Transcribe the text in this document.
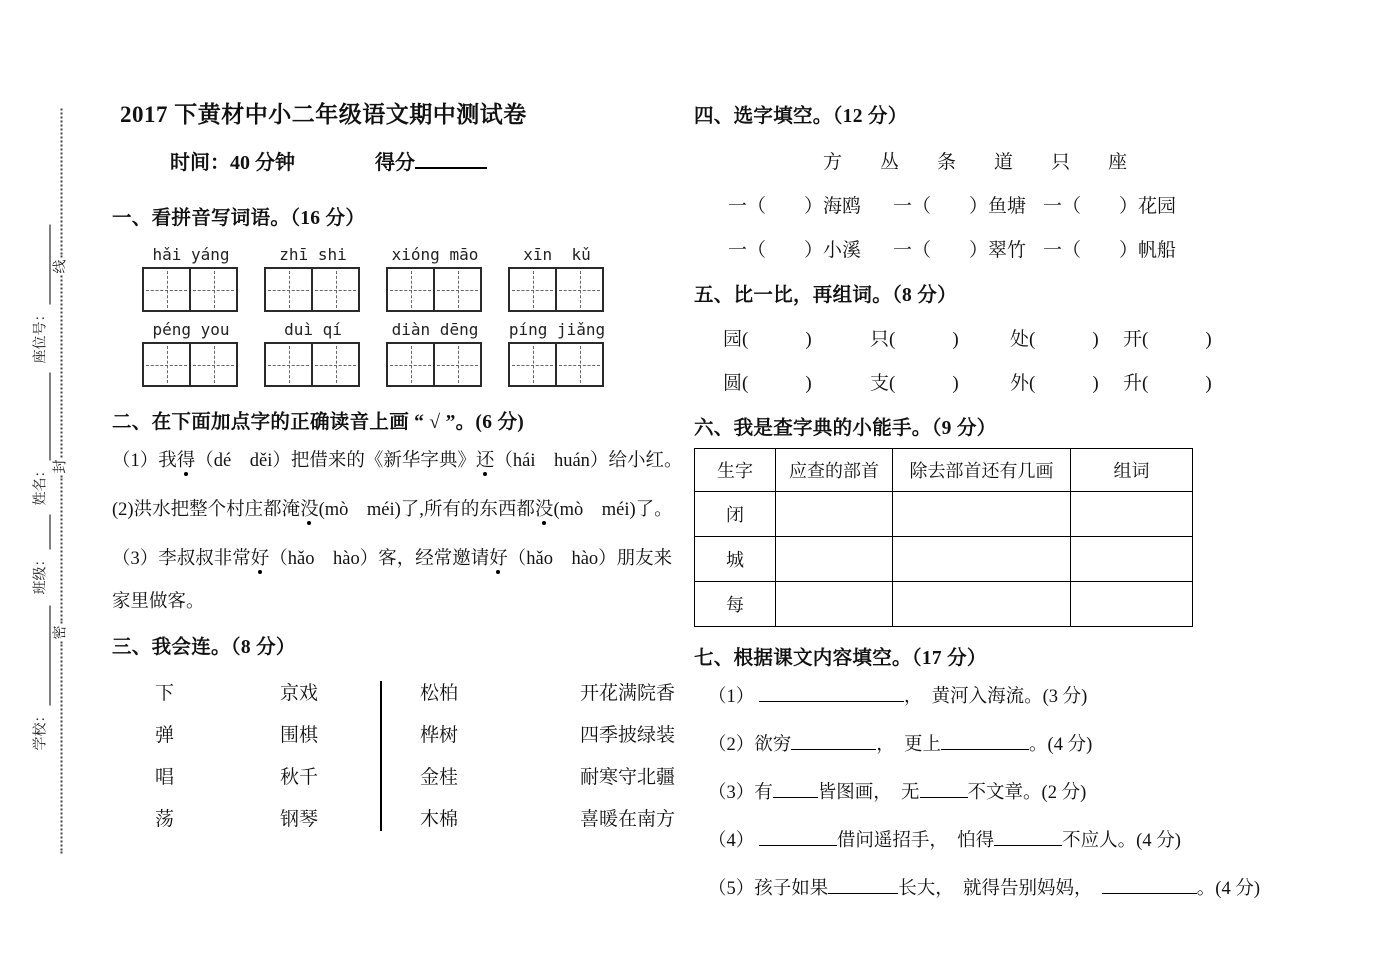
学校：
班级：
姓名：
座位号：
密
封
线
2017 下黄材中小二年级语文期中测试卷
时间：40 分钟	得分
一、看拼音写词语。（16 分）
hǎi yáng	zhī shi	xióng māo	xīn  kǔ
péng you	duì qí	diàn dēng	píng jiǎng
二、在下面加点字的正确读音上画 “ √ ”。(6 分)

（1）我得（dé　děi）把借来的《新华字典》还（hái　huán）给小红。

(2)洪水把整个村庄都淹没(mò　méi)了,所有的东西都没(mò　méi)了。

（3）李叔叔非常好（hǎo　hào）客，经常邀请好（hǎo　hào）朋友来家里做客。

三、我会连。（8 分）
下	京戏	松柏	开花满院香
弹	围棋	桦树	四季披绿装
唱	秋千	金桂	耐寒守北疆
荡	钢琴	木棉	喜暖在南方
四、选字填空。（12 分）
方 丛 条 道 只 座
一（　　）海鸥	一（　　）鱼塘 一（　　）花园
一（　　）小溪	一（　　）翠竹 一（　　）帆船
五、比一比，再组词。（8 分）
园(　　　)	只(　　　)	处(　　　)	开(　　　)
圆(　　　)	支(　　　)	外(　　　)	升(　　　)
六、我是查字典的小能手。（9 分）
生字	应查的部首	除去部首还有几画	组词
闭			
城			
每			
七、根据课文内容填空。（17 分）

（1）	，  黄河入海流。(3 分)

（2）欲穷	，  更上	。(4 分)

（3）有 皆图画，  无	不文章。(2 分)

（4）	借问遥招手，  怕得	不应人。(4 分)

（5）孩子如果	长大，  就得告别妈妈，	。(4 分)
